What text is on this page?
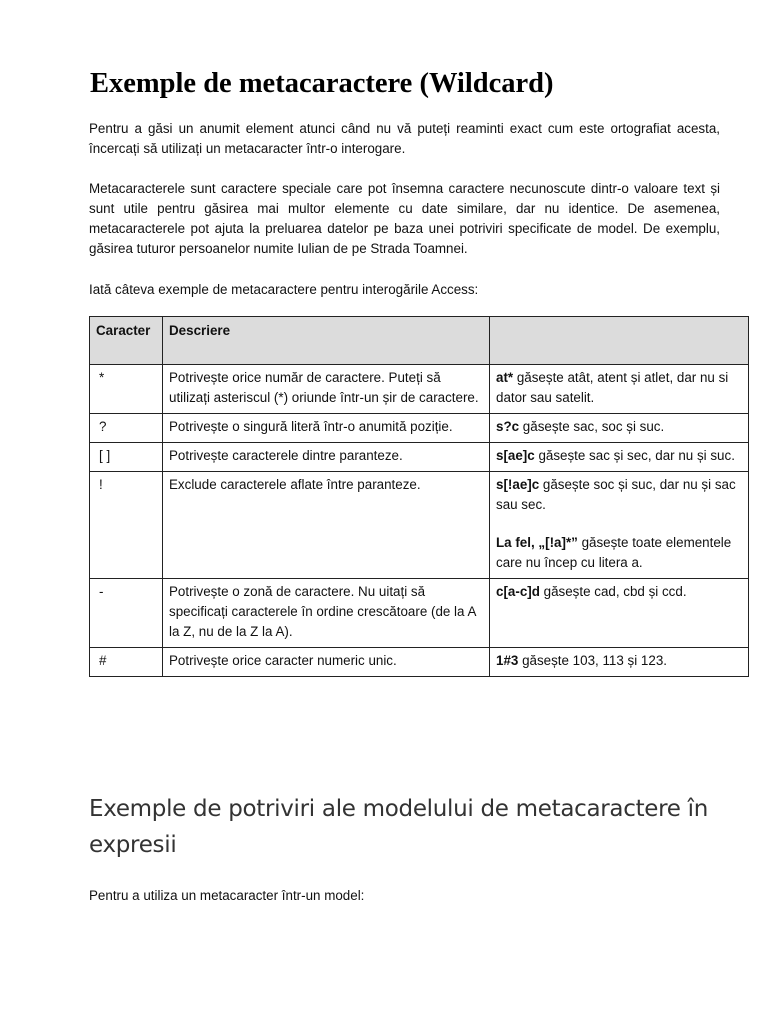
Exemple de metacaractere (Wildcard)

Pentru a găsi un anumit element atunci când nu vă puteți reaminti exact cum este ortografiat acesta, încercați să utilizați un metacaracter într-o interogare.

Metacaracterele sunt caractere speciale care pot însemna caractere necunoscute dintr-o valoare text și sunt utile pentru găsirea mai multor elemente cu date similare, dar nu identice. De asemenea, metacaracterele pot ajuta la preluarea datelor pe baza unei potriviri specificate de model. De exemplu, găsirea tuturor persoanelor numite Iulian de pe Strada Toamnei.

Iată câteva exemple de metacaractere pentru interogările Access:

Caracter	Descriere	
*	Potrivește orice număr de caractere. Puteți să utilizați asteriscul (*) oriunde într-un șir de caractere.	at* găsește atât, atent și atlet, dar nu si dator sau satelit.
?	Potrivește o singură literă într-o anumită poziție.	s?c găsește sac, soc și suc.
[ ]	Potrivește caracterele dintre paranteze.	s[ae]c găsește sac și sec, dar nu și suc.
!	Exclude caracterele aflate între paranteze.	s[!ae]c găsește soc și suc, dar nu și sac sau sec.
La fel, „[!a]*” găsește toate elementele care nu încep cu litera a.

-	Potrivește o zonă de caractere. Nu uitați să specificați caracterele în ordine crescătoare (de la A la Z, nu de la Z la A).	c[a-c]d găsește cad, cbd și ccd.
#	Potrivește orice caracter numeric unic.	1#3 găsește 103, 113 și 123.
Exemple de potriviri ale modelului de metacaractere în expresii

Pentru a utiliza un metacaracter într-un model:
